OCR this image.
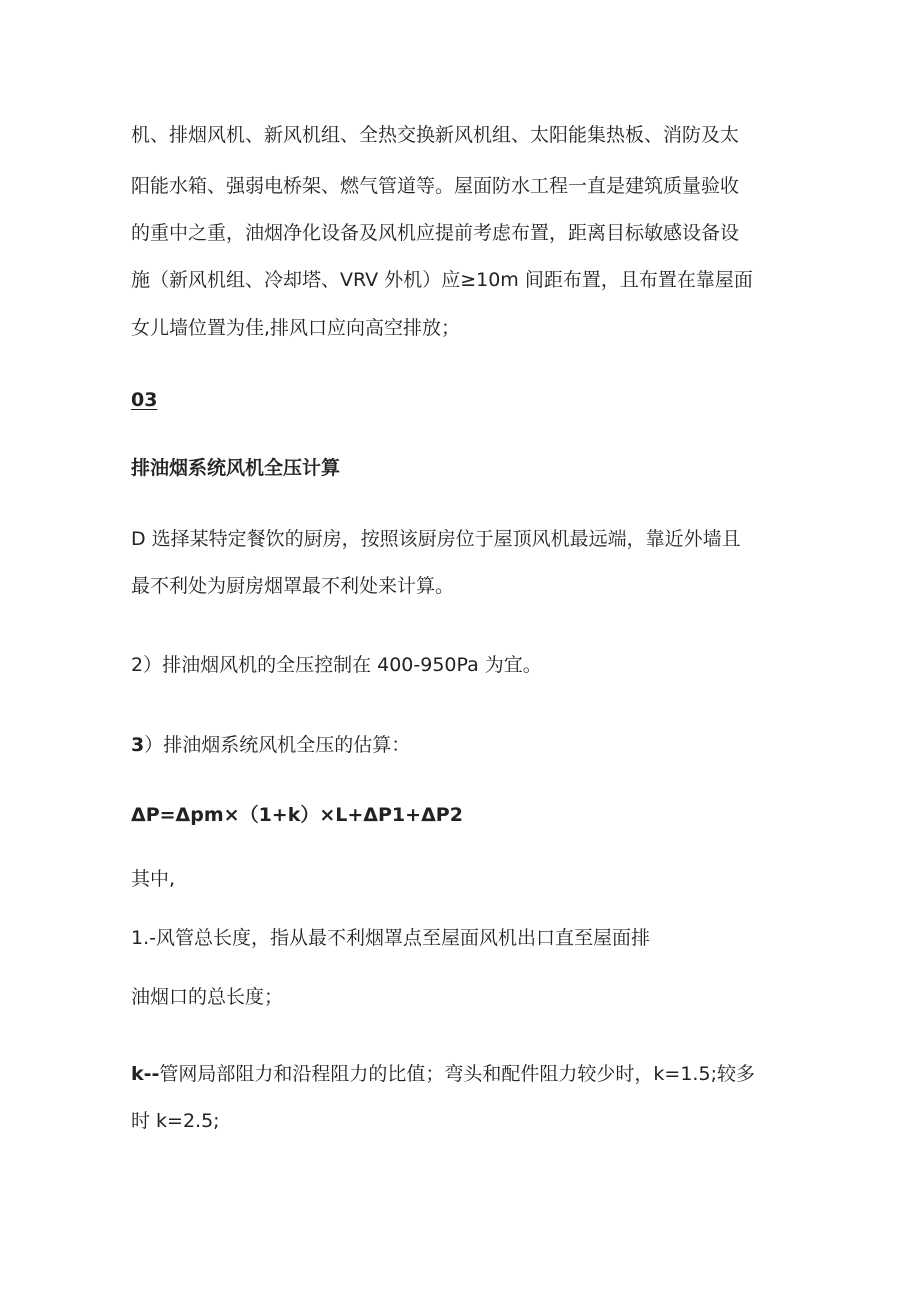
机、排烟风机、新风机组、全热交换新风机组、太阳能集热板、消防及太
阳能水箱、强弱电桥架、燃气管道等。屋面防水工程一直是建筑质量验收
的重中之重，油烟净化设备及风机应提前考虑布置，距离目标敏感设备设
施（新风机组、冷却塔、VRV 外机）应≥10m 间距布置，且布置在靠屋面
女儿墙位置为佳,排风口应向高空排放；
03
排油烟系统风机全压计算
D 选择某特定餐饮的厨房，按照该厨房位于屋顶风机最远端，靠近外墙且
最不利处为厨房烟罩最不利处来计算。
2）排油烟风机的全压控制在 400-950Pa 为宜。
3）排油烟系统风机全压的估算：
ΔP=Δpm×（1+k）×L+ΔP1+ΔP2
其中,
1.-风管总长度，指从最不利烟罩点至屋面风机出口直至屋面排
油烟口的总长度；
k--管网局部阻力和沿程阻力的比值；弯头和配件阻力较少时，k=1.5;较多
时 k=2.5;
